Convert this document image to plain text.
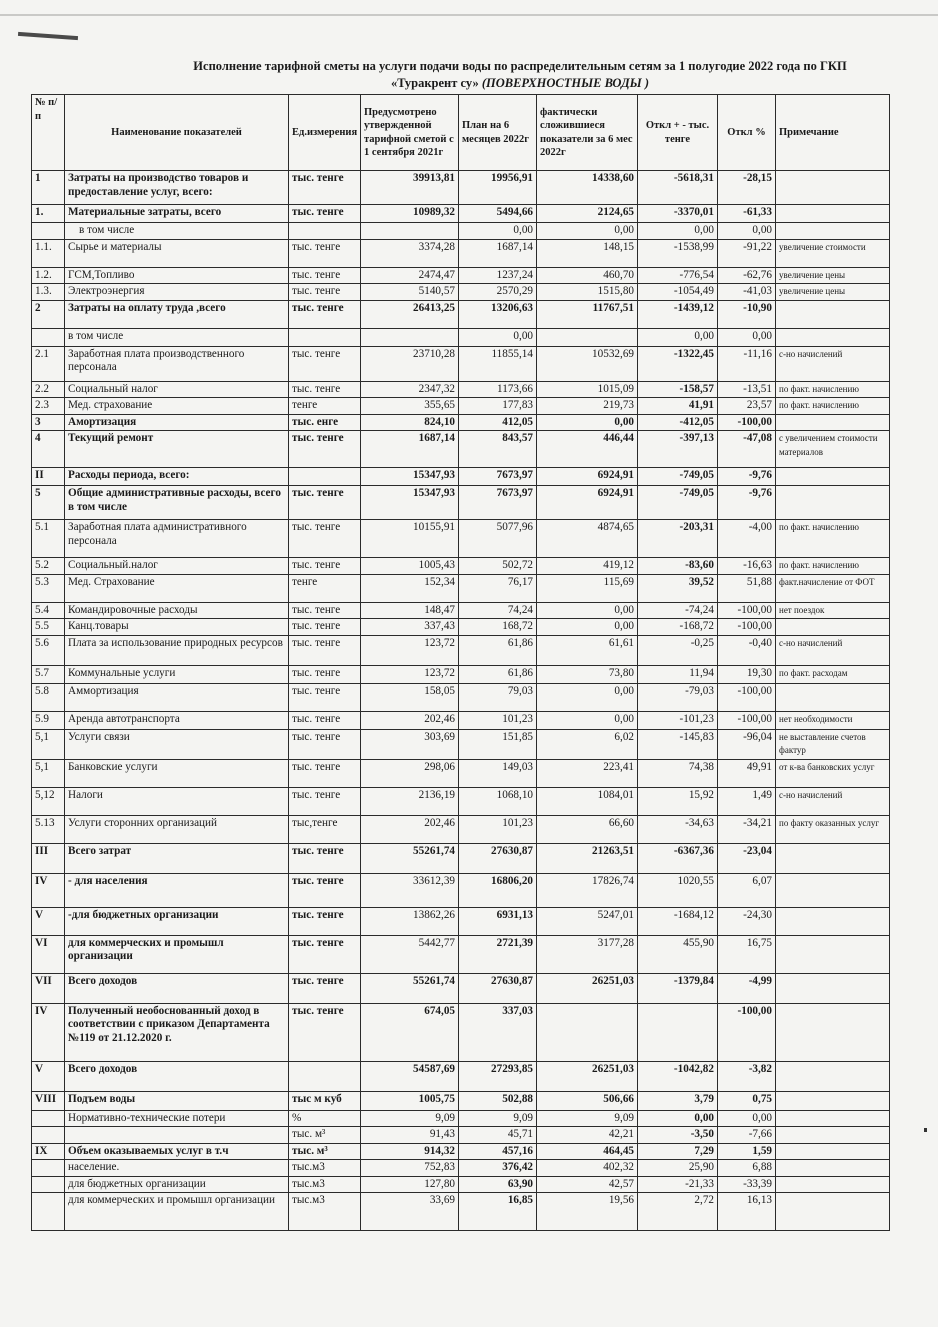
Исполнение тарифной сметы на услуги подачи воды по распределительным сетям за 1 полугодие 2022 года по ГКП
«Туракрент су» (ПОВЕРХНОСТНЫЕ ВОДЫ )
№ п/п	Наименование показателей	Ед.измерения	Предусмотрено утвержденной тарифной сметой с 1 сентября 2021г	План на 6 месяцев 2022г	фактически сложившиеся показатели за 6 мес 2022г	Откл + - тыс. тенге	Откл %	Примечание
1	Затраты на производство товаров и предоставление услуг, всего:	тыс. тенге	39913,81	19956,91	14338,60	-5618,31	-28,15	
1.	Материальные затраты, всего	тыс. тенге	10989,32	5494,66	2124,65	-3370,01	-61,33	
	в том числе			0,00	0,00	0,00	0,00	
1.1.	Сырье и материалы	тыс. тенге	3374,28	1687,14	148,15	-1538,99	-91,22	увеличение стоимости
1.2.	ГСМ,Топливо	тыс. тенге	2474,47	1237,24	460,70	-776,54	-62,76	увеличение цены
1.3.	Электроэнергия	тыс. тенге	5140,57	2570,29	1515,80	-1054,49	-41,03	увеличение цены
2	Затраты на оплату труда ,всего	тыс. тенге	26413,25	13206,63	11767,51	-1439,12	-10,90	
	в том числе			0,00		0,00	0,00	
2.1	Заработная плата производственного персонала	тыс. тенге	23710,28	11855,14	10532,69	-1322,45	-11,16	с-но начислений
2.2	Социальный налог	тыс. тенге	2347,32	1173,66	1015,09	-158,57	-13,51	по факт. начислению
2.3	Мед. страхование	тенге	355,65	177,83	219,73	41,91	23,57	по факт. начислению
3	Амортизация	тыс. енге	824,10	412,05	0,00	-412,05	-100,00	
4	Текущий ремонт	тыс. тенге	1687,14	843,57	446,44	-397,13	-47,08	с увеличением стоимости материалов
II	Расходы периода, всего:		15347,93	7673,97	6924,91	-749,05	-9,76	
5	Общие административные расходы, всего в том числе	тыс. тенге	15347,93	7673,97	6924,91	-749,05	-9,76	
5.1	Заработная плата административного персонала	тыс. тенге	10155,91	5077,96	4874,65	-203,31	-4,00	по факт. начислению
5.2	Социальный.налог	тыс. тенге	1005,43	502,72	419,12	-83,60	-16,63	по факт. начислению
5.3	Мед. Страхование	тенге	152,34	76,17	115,69	39,52	51,88	факт.начисление от ФОТ
5.4	Командировочные расходы	тыс. тенге	148,47	74,24	0,00	-74,24	-100,00	нет поездок
5.5	Канц.товары	тыс. тенге	337,43	168,72	0,00	-168,72	-100,00	
5.6	Плата за использование природных ресурсов	тыс. тенге	123,72	61,86	61,61	-0,25	-0,40	с-но начислений
5.7	Коммунальные услуги	тыс. тенге	123,72	61,86	73,80	11,94	19,30	по факт. расходам
5.8	Аммортизация	тыс. тенге	158,05	79,03	0,00	-79,03	-100,00	
5.9	Аренда автотранспорта	тыс. тенге	202,46	101,23	0,00	-101,23	-100,00	нет необходимости
5,1	Услуги связи	тыс. тенге	303,69	151,85	6,02	-145,83	-96,04	не выставление счетов фактур
5,1	Банковские услуги	тыс. тенге	298,06	149,03	223,41	74,38	49,91	от к-ва банковских услуг
5,12	Налоги	тыс. тенге	2136,19	1068,10	1084,01	15,92	1,49	с-но начислений
5.13	Услуги сторонних организаций	тыс,тенге	202,46	101,23	66,60	-34,63	-34,21	по факту оказанных услуг
III	Всего затрат	тыс. тенге	55261,74	27630,87	21263,51	-6367,36	-23,04	
IV	- для населения	тыс. тенге	33612,39	16806,20	17826,74	1020,55	6,07	
V	-для бюджетных организации	тыс. тенге	13862,26	6931,13	5247,01	-1684,12	-24,30	
VI	для коммерческих и промышл организации	тыс. тенге	5442,77	2721,39	3177,28	455,90	16,75	
VII	Всего доходов	тыс. тенге	55261,74	27630,87	26251,03	-1379,84	-4,99	
IV	Полученный необоснованный доход в соответствии с приказом Департамента №119 от 21.12.2020 г.	тыс. тенге	674,05	337,03			-100,00	
V	Всего доходов		54587,69	27293,85	26251,03	-1042,82	-3,82	
VIII	Подъем воды	тыс м куб	1005,75	502,88	506,66	3,79	0,75	
	Нормативно-технические потери	%	9,09	9,09	9,09	0,00	0,00	
		тыс. м³	91,43	45,71	42,21	-3,50	-7,66	
IX	Объем оказываемых услуг в т.ч	тыс. м³	914,32	457,16	464,45	7,29	1,59	
	население.	тыс.м3	752,83	376,42	402,32	25,90	6,88	
	для бюджетных организации	тыс.м3	127,80	63,90	42,57	-21,33	-33,39	
	для коммерческих и промышл организации	тыс.м3	33,69	16,85	19,56	2,72	16,13	
